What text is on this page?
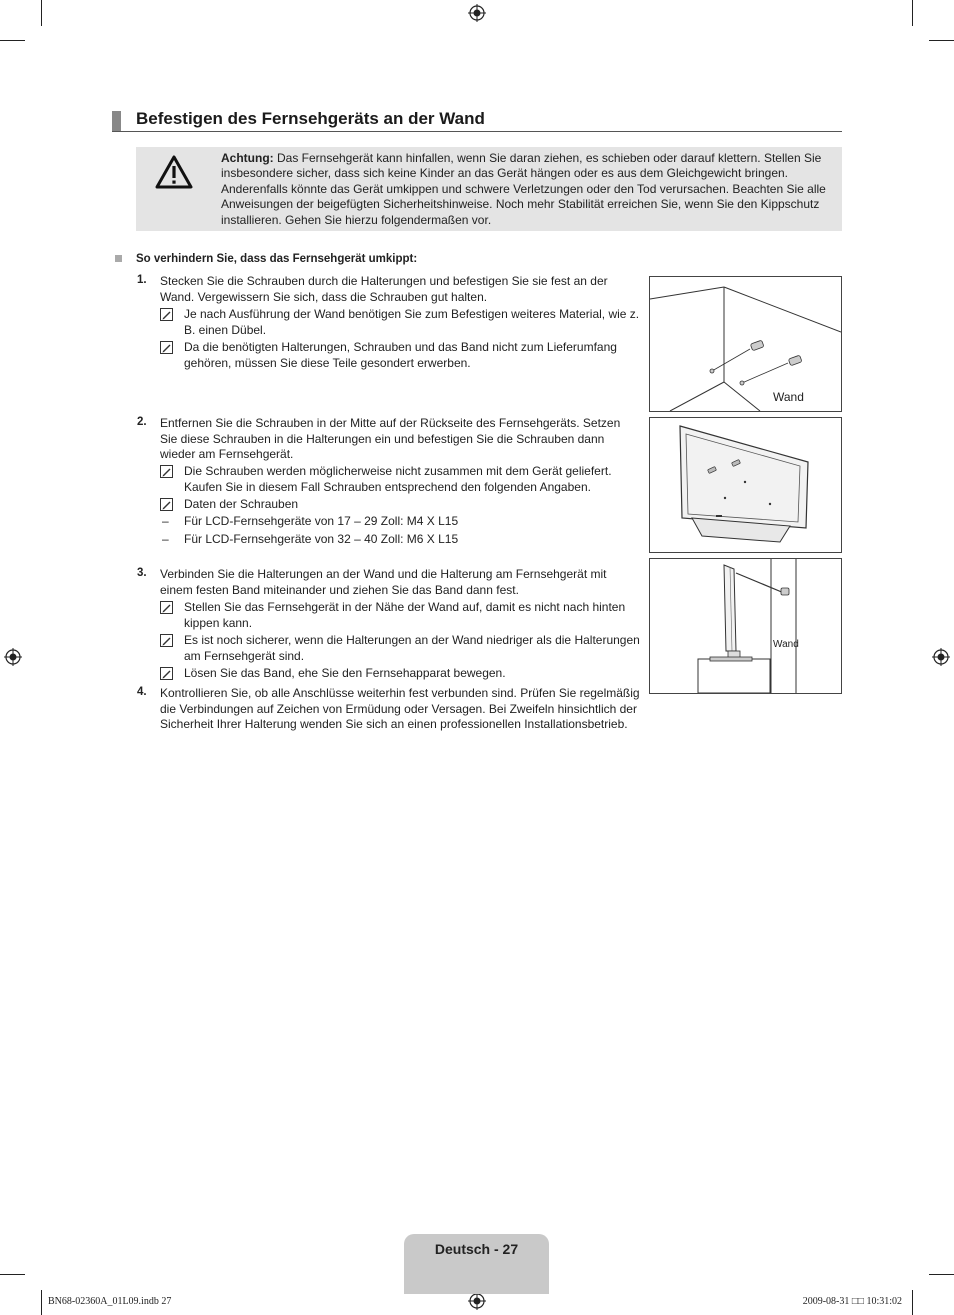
Befestigen des Fernsehgeräts an der Wand
Achtung: Das Fernsehgerät kann hinfallen, wenn Sie daran ziehen, es schieben oder darauf klettern. Stellen Sie insbesondere sicher, dass sich keine Kinder an das Gerät hängen oder es aus dem Gleichgewicht bringen. Anderenfalls könnte das Gerät umkippen und schwere Verletzungen oder den Tod verursachen. Beachten Sie alle Anweisungen der beigefügten Sicherheitshinweise. Noch mehr Stabilität erreichen Sie, wenn Sie den Kippschutz installieren. Gehen Sie hierzu folgendermaßen vor.
So verhindern Sie, dass das Fernsehgerät umkippt:
1. Stecken Sie die Schrauben durch die Halterungen und befestigen Sie sie fest an der Wand. Vergewissern Sie sich, dass die Schrauben gut halten.
Je nach Ausführung der Wand benötigen Sie zum Befestigen weiteres Material, wie z. B. einen Dübel.
Da die benötigten Halterungen, Schrauben und das Band nicht zum Lieferumfang gehören, müssen Sie diese Teile gesondert erwerben.
2. Entfernen Sie die Schrauben in der Mitte auf der Rückseite des Fernsehgeräts. Setzen Sie diese Schrauben in die Halterungen ein und befestigen Sie die Schrauben dann wieder am Fernsehgerät.
Die Schrauben werden möglicherweise nicht zusammen mit dem Gerät geliefert. Kaufen Sie in diesem Fall Schrauben entsprechend den folgenden Angaben.
Daten der Schrauben
– Für LCD-Fernsehgeräte von 17 – 29 Zoll: M4 X L15
– Für LCD-Fernsehgeräte von 32 – 40 Zoll: M6 X L15
3. Verbinden Sie die Halterungen an der Wand und die Halterung am Fernsehgerät mit einem festen Band miteinander und ziehen Sie das Band dann fest.
Stellen Sie das Fernsehgerät in der Nähe der Wand auf, damit es nicht nach hinten kippen kann.
Es ist noch sicherer, wenn die Halterungen an der Wand niedriger als die Halterungen am Fernsehgerät sind.
Lösen Sie das Band, ehe Sie den Fernsehapparat bewegen.
4. Kontrollieren Sie, ob alle Anschlüsse weiterhin fest verbunden sind. Prüfen Sie regelmäßig die Verbindungen auf Zeichen von Ermüdung oder Versagen. Bei Zweifeln hinsichtlich der Sicherheit Ihrer Halterung wenden Sie sich an einen professionellen Installationsbetrieb.
Wand
Wand
Deutsch - 27
BN68-02360A_01L09.indb 27	2009-08-31 □□ 10:31:02
